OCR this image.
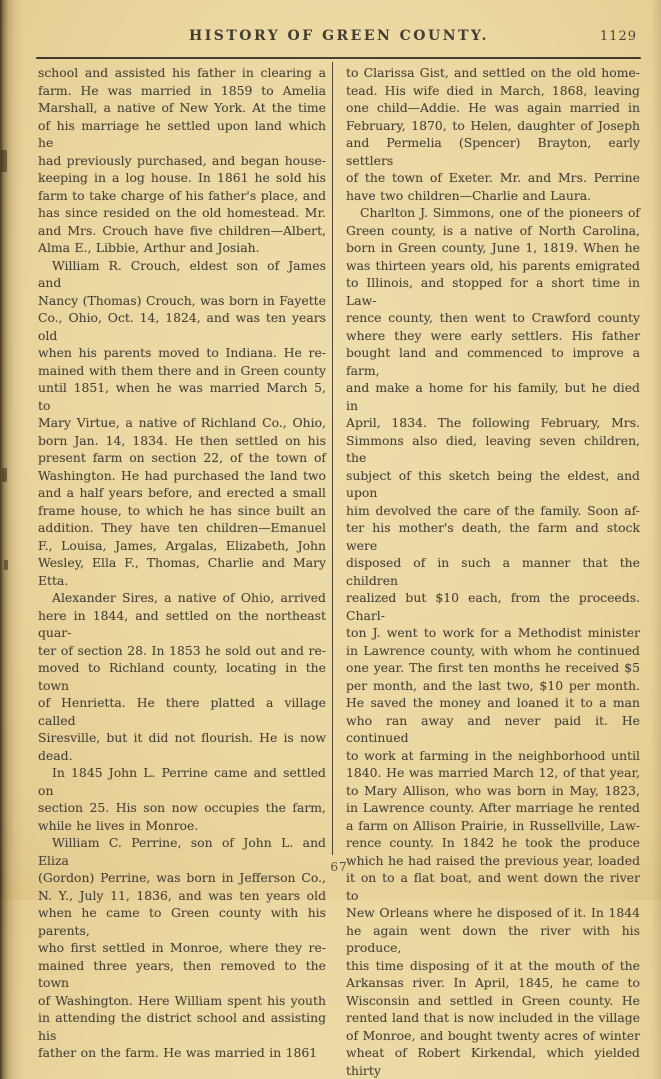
HISTORY OF GREEN COUNTY.	1129
school and assisted his father in clearing a
farm. He was married in 1859 to Amelia
Marshall, a native of New York. At the time
of his marriage he settled upon land which he
had previously purchased, and began house-
keeping in a log house. In 1861 he sold his
farm to take charge of his father's place, and
has since resided on the old homestead. Mr.
and Mrs. Crouch have five children—Albert,
Alma E., Libbie, Arthur and Josiah.
William R. Crouch, eldest son of James and
Nancy (Thomas) Crouch, was born in Fayette
Co., Ohio, Oct. 14, 1824, and was ten years old
when his parents moved to Indiana. He re-
mained with them there and in Green county
until 1851, when he was married March 5, to
Mary Virtue, a native of Richland Co., Ohio,
born Jan. 14, 1834. He then settled on his
present farm on section 22, of the town of
Washington. He had purchased the land two
and a half years before, and erected a small
frame house, to which he has since built an
addition. They have ten children—Emanuel
F., Louisa, James, Argalas, Elizabeth, John
Wesley, Ella F., Thomas, Charlie and Mary
Etta.
Alexander Sires, a native of Ohio, arrived
here in 1844, and settled on the northeast quar-
ter of section 28. In 1853 he sold out and re-
moved to Richland county, locating in the town
of Henrietta. He there platted a village called
Siresville, but it did not flourish. He is now
dead.
In 1845 John L. Perrine came and settled on
section 25. His son now occupies the farm,
while he lives in Monroe.
William C. Perrine, son of John L. and Eliza
(Gordon) Perrine, was born in Jefferson Co.,
N. Y., July 11, 1836, and was ten years old
when he came to Green county with his parents,
who first settled in Monroe, where they re-
mained three years, then removed to the town
of Washington. Here William spent his youth
in attending the district school and assisting his
father on the farm. He was married in 1861
to Clarissa Gist, and settled on the old home-
tead. His wife died in March, 1868, leaving
one child—Addie. He was again married in
February, 1870, to Helen, daughter of Joseph
and Permelia (Spencer) Brayton, early settlers
of the town of Exeter. Mr. and Mrs. Perrine
have two children—Charlie and Laura.
Charlton J. Simmons, one of the pioneers of
Green county, is a native of North Carolina,
born in Green county, June 1, 1819. When he
was thirteen years old, his parents emigrated
to Illinois, and stopped for a short time in Law-
rence county, then went to Crawford county
where they were early settlers. His father
bought land and commenced to improve a farm,
and make a home for his family, but he died in
April, 1834. The following February, Mrs.
Simmons also died, leaving seven children, the
subject of this sketch being the eldest, and upon
him devolved the care of the family. Soon af-
ter his mother's death, the farm and stock were
disposed of in such a manner that the children
realized but $10 each, from the proceeds. Charl-
ton J. went to work for a Methodist minister
in Lawrence county, with whom he continued
one year. The first ten months he received $5
per month, and the last two, $10 per month.
He saved the money and loaned it to a man
who ran away and never paid it. He continued
to work at farming in the neighborhood until
1840. He was married March 12, of that year,
to Mary Allison, who was born in May, 1823,
in Lawrence county. After marriage he rented
a farm on Allison Prairie, in Russellville, Law-
rence county. In 1842 he took the produce
which he had raised the previous year, loaded
it on to a flat boat, and went down the river to
New Orleans where he disposed of it. In 1844
he again went down the river with his produce,
this time disposing of it at the mouth of the
Arkansas river. In April, 1845, he came to
Wisconsin and settled in Green county. He
rented land that is now included in the village
of Monroe, and bought twenty acres of winter
wheat of Robert Kirkendal, which yielded thirty
67
